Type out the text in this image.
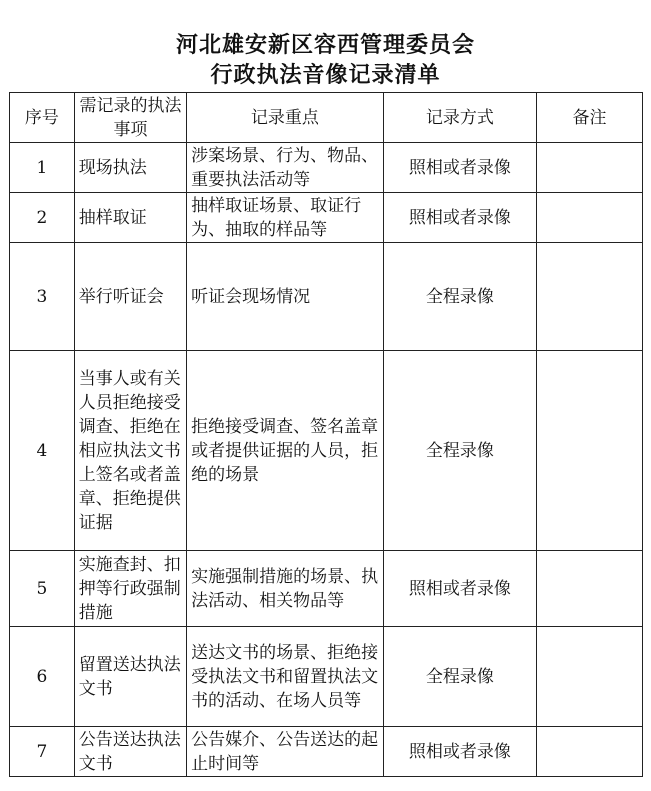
河北雄安新区容西管理委员会
行政执法音像记录清单
序号	需记录的执法事项	记录重点	记录方式	备注
1	现场执法	涉案场景、行为、物品、重要执法活动等	照相或者录像	
2	抽样取证	抽样取证场景、取证行为、抽取的样品等	照相或者录像	
3	举行听证会	听证会现场情况	全程录像	
4	当事人或有关人员拒绝接受调查、拒绝在相应执法文书上签名或者盖章、拒绝提供证据	拒绝接受调查、签名盖章或者提供证据的人员，拒绝的场景	全程录像	
5	实施查封、扣押等行政强制措施	实施强制措施的场景、执法活动、相关物品等	照相或者录像	
6	留置送达执法文书	送达文书的场景、拒绝接受执法文书和留置执法文书的活动、在场人员等	全程录像	
7	公告送达执法文书	公告媒介、公告送达的起止时间等	照相或者录像	
